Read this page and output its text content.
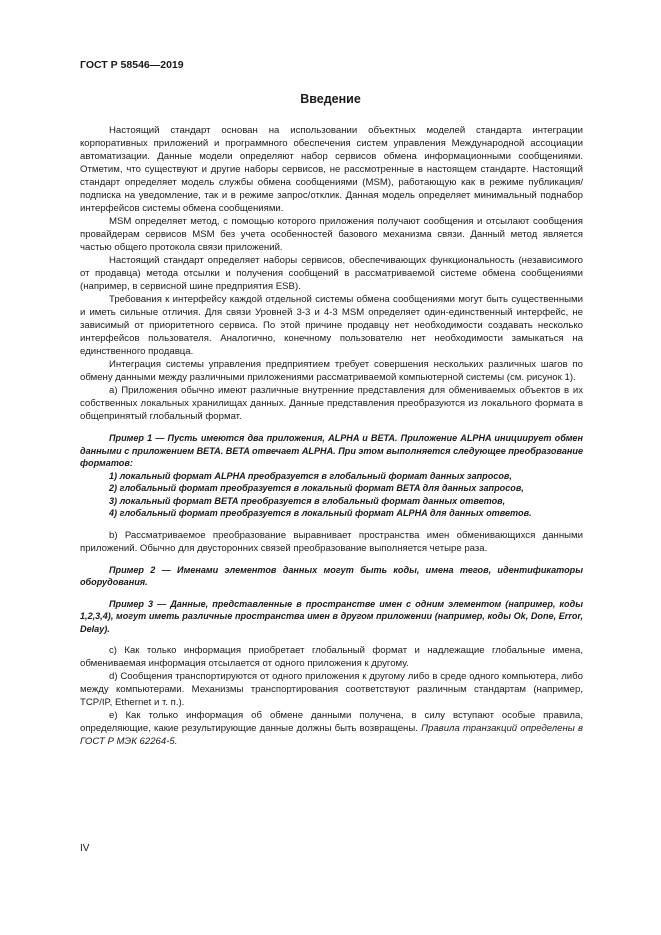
ГОСТ Р 58546—2019
Введение

Настоящий стандарт основан на использовании объектных моделей стандарта интеграции корпоративных приложений и программного обеспечения систем управления Международной ассоциации автоматизации. Данные модели определяют набор сервисов обмена информационными сообщениями. Отметим, что существуют и другие наборы сервисов, не рассмотренные в настоящем стандарте. Настоящий стандарт определяет модель службы обмена сообщениями (MSM), работающую как в режиме публикация/подписка на уведомление, так и в режиме запрос/отклик. Данная модель определяет минимальный поднабор интерфейсов системы обмена сообщениями.

MSM определяет метод, с помощью которого приложения получают сообщения и отсылают сообщения провайдерам сервисов MSM без учета особенностей базового механизма связи. Данный метод является частью общего протокола связи приложений.

Настоящий стандарт определяет наборы сервисов, обеспечивающих функциональность (независимого от продавца) метода отсылки и получения сообщений в рассматриваемой системе обмена сообщениями (например, в сервисной шине предприятия ESB).

Требования к интерфейсу каждой отдельной системы обмена сообщениями могут быть существенными и иметь сильные отличия. Для связи Уровней 3-3 и 4-3 MSM определяет один-единственный интерфейс, не зависимый от приоритетного сервиса. По этой причине продавцу нет необходимости создавать несколько интерфейсов пользователя. Аналогично, конечному пользователю нет необходимости замыкаться на единственного продавца.

Интеграция системы управления предприятием требует совершения нескольких различных шагов по обмену данными между различными приложениями рассматриваемой компьютерной системы (см. рисунок 1).

а) Приложения обычно имеют различные внутренние представления для обмениваемых объектов в их собственных локальных хранилищах данных. Данные представления преобразуются из локального формата в общепринятый глобальный формат.

Пример 1 — Пусть имеются два приложения, ALPHA и BETA. Приложение ALPHA инициирует обмен данными с приложением BETA. BETA отвечает ALPHA. При этом выполняется следующее преобразование форматов:

1) локальный формат ALPHA преобразуется в глобальный формат данных запросов,
2) глобальный формат преобразуется в локальный формат BETA для данных запросов,
3) локальный формат BETA преобразуется в глобальный формат данных ответов,
4) глобальный формат преобразуется в локальный формат ALPHA для данных ответов.

b) Рассматриваемое преобразование выравнивает пространства имен обменивающихся данными приложений. Обычно для двусторонних связей преобразование выполняется четыре раза.

Пример 2 — Именами элементов данных могут быть коды, имена тегов, идентификаторы оборудования.

Пример 3 — Данные, представленные в пространстве имен с одним элементом (например, коды 1,2,3,4), могут иметь различные пространства имен в другом приложении (например, коды Ok, Done, Error, Delay).

c) Как только информация приобретает глобальный формат и надлежащие глобальные имена, обмениваемая информация отсылается от одного приложения к другому.

d) Сообщения транспортируются от одного приложения к другому либо в среде одного компьютера, либо между компьютерами. Механизмы транспортирования соответствуют различным стандартам (например, TCP/IP, Ethernet и т. п.).

e) Как только информация об обмене данными получена, в силу вступают особые правила, определяющие, какие результирующие данные должны быть возвращены. Правила транзакций определены в ГОСТ Р МЭК 62264-5.

IV
